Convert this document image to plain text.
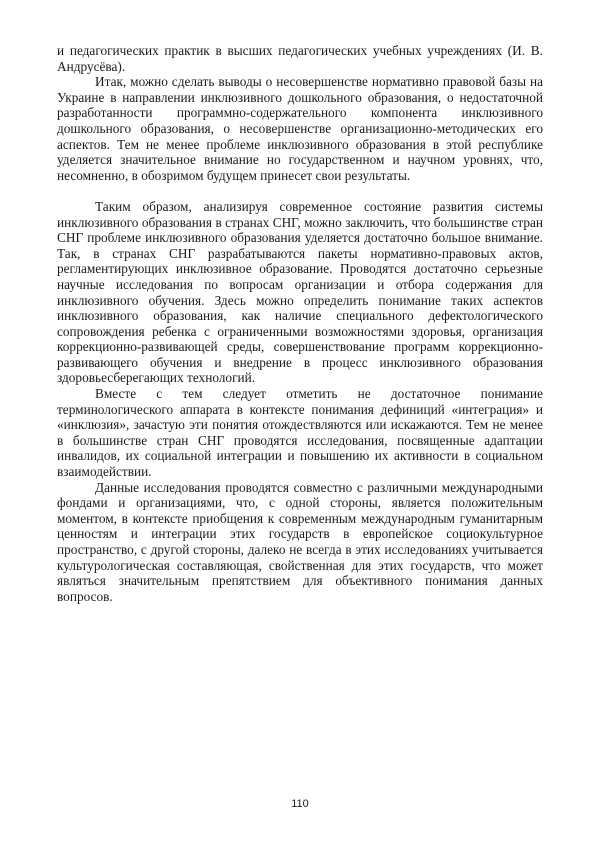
и педагогических практик в высших педагогических учебных учреждениях (И. В. Андрусёва).

Итак, можно сделать выводы о несовершенстве нормативно правовой базы на Украине в направлении инклюзивного дошкольного образования, о недостаточной разработанности программно-содержательного компонента инклюзивного дошкольного образования, о несовершенстве организационно-методических его аспектов. Тем не менее проблеме инклюзивного образования в этой республике уделяется значительное внимание но государственном и научном уровнях, что, несомненно, в обозримом будущем принесет свои результаты.

Таким образом, анализируя современное состояние развития системы инклюзивного образования в странах СНГ, можно заключить, что большинстве стран СНГ проблеме инклюзивного образования уделяется достаточно большое внимание. Так, в странах СНГ разрабатываются пакеты нормативно-правовых актов, регламентирующих инклюзивное образование. Проводятся достаточно серьезные научные исследования по вопросам организации и отбора содержания для инклюзивного обучения. Здесь можно определить понимание таких аспектов инклюзивного образования, как наличие специального дефектологического сопровождения ребенка с ограниченными возможностями здоровья, организация коррекционно-развивающей среды, совершенствование программ коррекционно-развивающего обучения и внедрение в процесс инклюзивного образования здоровьесберегающих технологий.

Вместе с тем следует отметить не достаточное понимание терминологического аппарата в контексте понимания дефиниций «интеграция» и «инклюзия», зачастую эти понятия отождествляются или искажаются. Тем не менее в большинстве стран СНГ проводятся исследования, посвященные адаптации инвалидов, их социальной интеграции и повышению их активности в социальном взаимодействии.

Данные исследования проводятся совместно с различными международными фондами и организациями, что, с одной стороны, является положительным моментом, в контексте приобщения к современным международным гуманитарным ценностям и интеграции этих государств в европейское социокультурное пространство, с другой стороны, далеко не всегда в этих исследованиях учитывается культурологическая составляющая, свойственная для этих государств, что может являться значительным препятствием для объективного понимания данных вопросов.

110
